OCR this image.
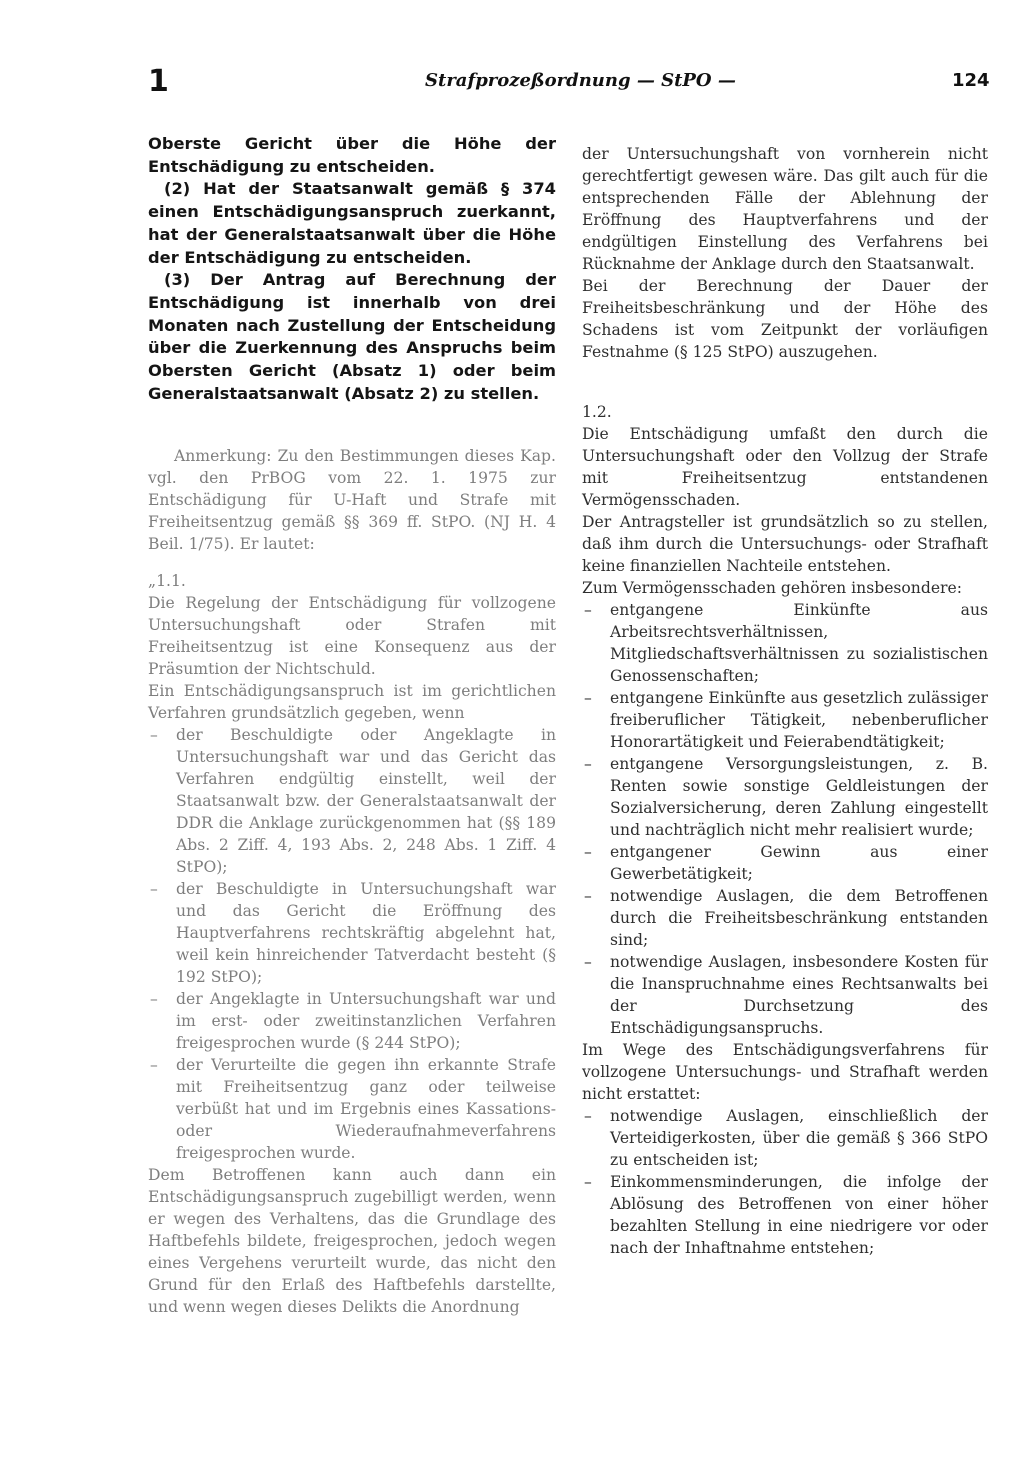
1	Strafprozeßordnung — StPO —	124

Oberste Gericht über die Höhe der Entschädigung zu entscheiden.

(2) Hat der Staatsanwalt gemäß § 374 einen Entschädigungsanspruch zuerkannt, hat der Generalstaatsanwalt über die Höhe der Entschädigung zu entscheiden.

(3) Der Antrag auf Berechnung der Entschädigung ist innerhalb von drei Monaten nach Zustellung der Entscheidung über die Zuerkennung des Anspruchs beim Obersten Gericht (Absatz 1) oder beim Generalstaatsanwalt (Absatz 2) zu stellen.

Anmerkung: Zu den Bestimmungen dieses Kap. vgl. den PrBOG vom 22. 1. 1975 zur Entschädigung für U-Haft und Strafe mit Freiheitsentzug gemäß §§ 369 ff. StPO. (NJ H. 4 Beil. 1/75). Er lautet:

„1.1.

Die Regelung der Entschädigung für vollzogene Untersuchungshaft oder Strafen mit Freiheitsentzug ist eine Konsequenz aus der Präsumtion der Nichtschuld.

Ein Entschädigungsanspruch ist im gerichtlichen Verfahren grundsätzlich gegeben, wenn

– der Beschuldigte oder Angeklagte in Untersuchungshaft war und das Gericht das Verfahren endgültig einstellt, weil der Staatsanwalt bzw. der Generalstaatsanwalt der DDR die Anklage zurückgenommen hat (§§ 189 Abs. 2 Ziff. 4, 193 Abs. 2, 248 Abs. 1 Ziff. 4 StPO);
– der Beschuldigte in Untersuchungshaft war und das Gericht die Eröffnung des Hauptverfahrens rechtskräftig abgelehnt hat, weil kein hinreichender Tatverdacht besteht (§ 192 StPO);
– der Angeklagte in Untersuchungshaft war und im erst- oder zweitinstanzlichen Verfahren freigesprochen wurde (§ 244 StPO);
– der Verurteilte die gegen ihn erkannte Strafe mit Freiheitsentzug ganz oder teilweise verbüßt hat und im Ergebnis eines Kassations- oder Wiederaufnahmeverfahrens freigesprochen wurde.

Dem Betroffenen kann auch dann ein Entschädigungsanspruch zugebilligt werden, wenn er wegen des Verhaltens, das die Grundlage des Haftbefehls bildete, freigesprochen, jedoch wegen eines Vergehens verurteilt wurde, das nicht den Grund für den Erlaß des Haftbefehls darstellte, und wenn wegen dieses Delikts die Anordnung

der Untersuchungshaft von vornherein nicht gerechtfertigt gewesen wäre. Das gilt auch für die entsprechenden Fälle der Ablehnung der Eröffnung des Hauptverfahrens und der endgültigen Einstellung des Verfahrens bei Rücknahme der Anklage durch den Staatsanwalt.

Bei der Berechnung der Dauer der Freiheitsbeschränkung und der Höhe des Schadens ist vom Zeitpunkt der vorläufigen Festnahme (§ 125 StPO) auszugehen.

1.2.

Die Entschädigung umfaßt den durch die Untersuchungshaft oder den Vollzug der Strafe mit Freiheitsentzug entstandenen Vermögensschaden.

Der Antragsteller ist grundsätzlich so zu stellen, daß ihm durch die Untersuchungs- oder Strafhaft keine finanziellen Nachteile entstehen.

Zum Vermögensschaden gehören insbesondere:

– entgangene Einkünfte aus Arbeitsrechtsverhältnissen, Mitgliedschaftsverhältnissen zu sozialistischen Genossenschaften;
– entgangene Einkünfte aus gesetzlich zulässiger freiberuflicher Tätigkeit, nebenberuflicher Honorartätigkeit und Feierabendtätigkeit;
– entgangene Versorgungsleistungen, z. B. Renten sowie sonstige Geldleistungen der Sozialversicherung, deren Zahlung eingestellt und nachträglich nicht mehr realisiert wurde;
– entgangener Gewinn aus einer Gewerbetätigkeit;
– notwendige Auslagen, die dem Betroffenen durch die Freiheitsbeschränkung entstanden sind;
– notwendige Auslagen, insbesondere Kosten für die Inanspruchnahme eines Rechtsanwalts bei der Durchsetzung des Entschädigungsanspruchs.

Im Wege des Entschädigungsverfahrens für vollzogene Untersuchungs- und Strafhaft werden nicht erstattet:

– notwendige Auslagen, einschließlich der Verteidigerkosten, über die gemäß § 366 StPO zu entscheiden ist;
– Einkommensminderungen, die infolge der Ablösung des Betroffenen von einer höher bezahlten Stellung in eine niedrigere vor oder nach der Inhaftnahme entstehen;
